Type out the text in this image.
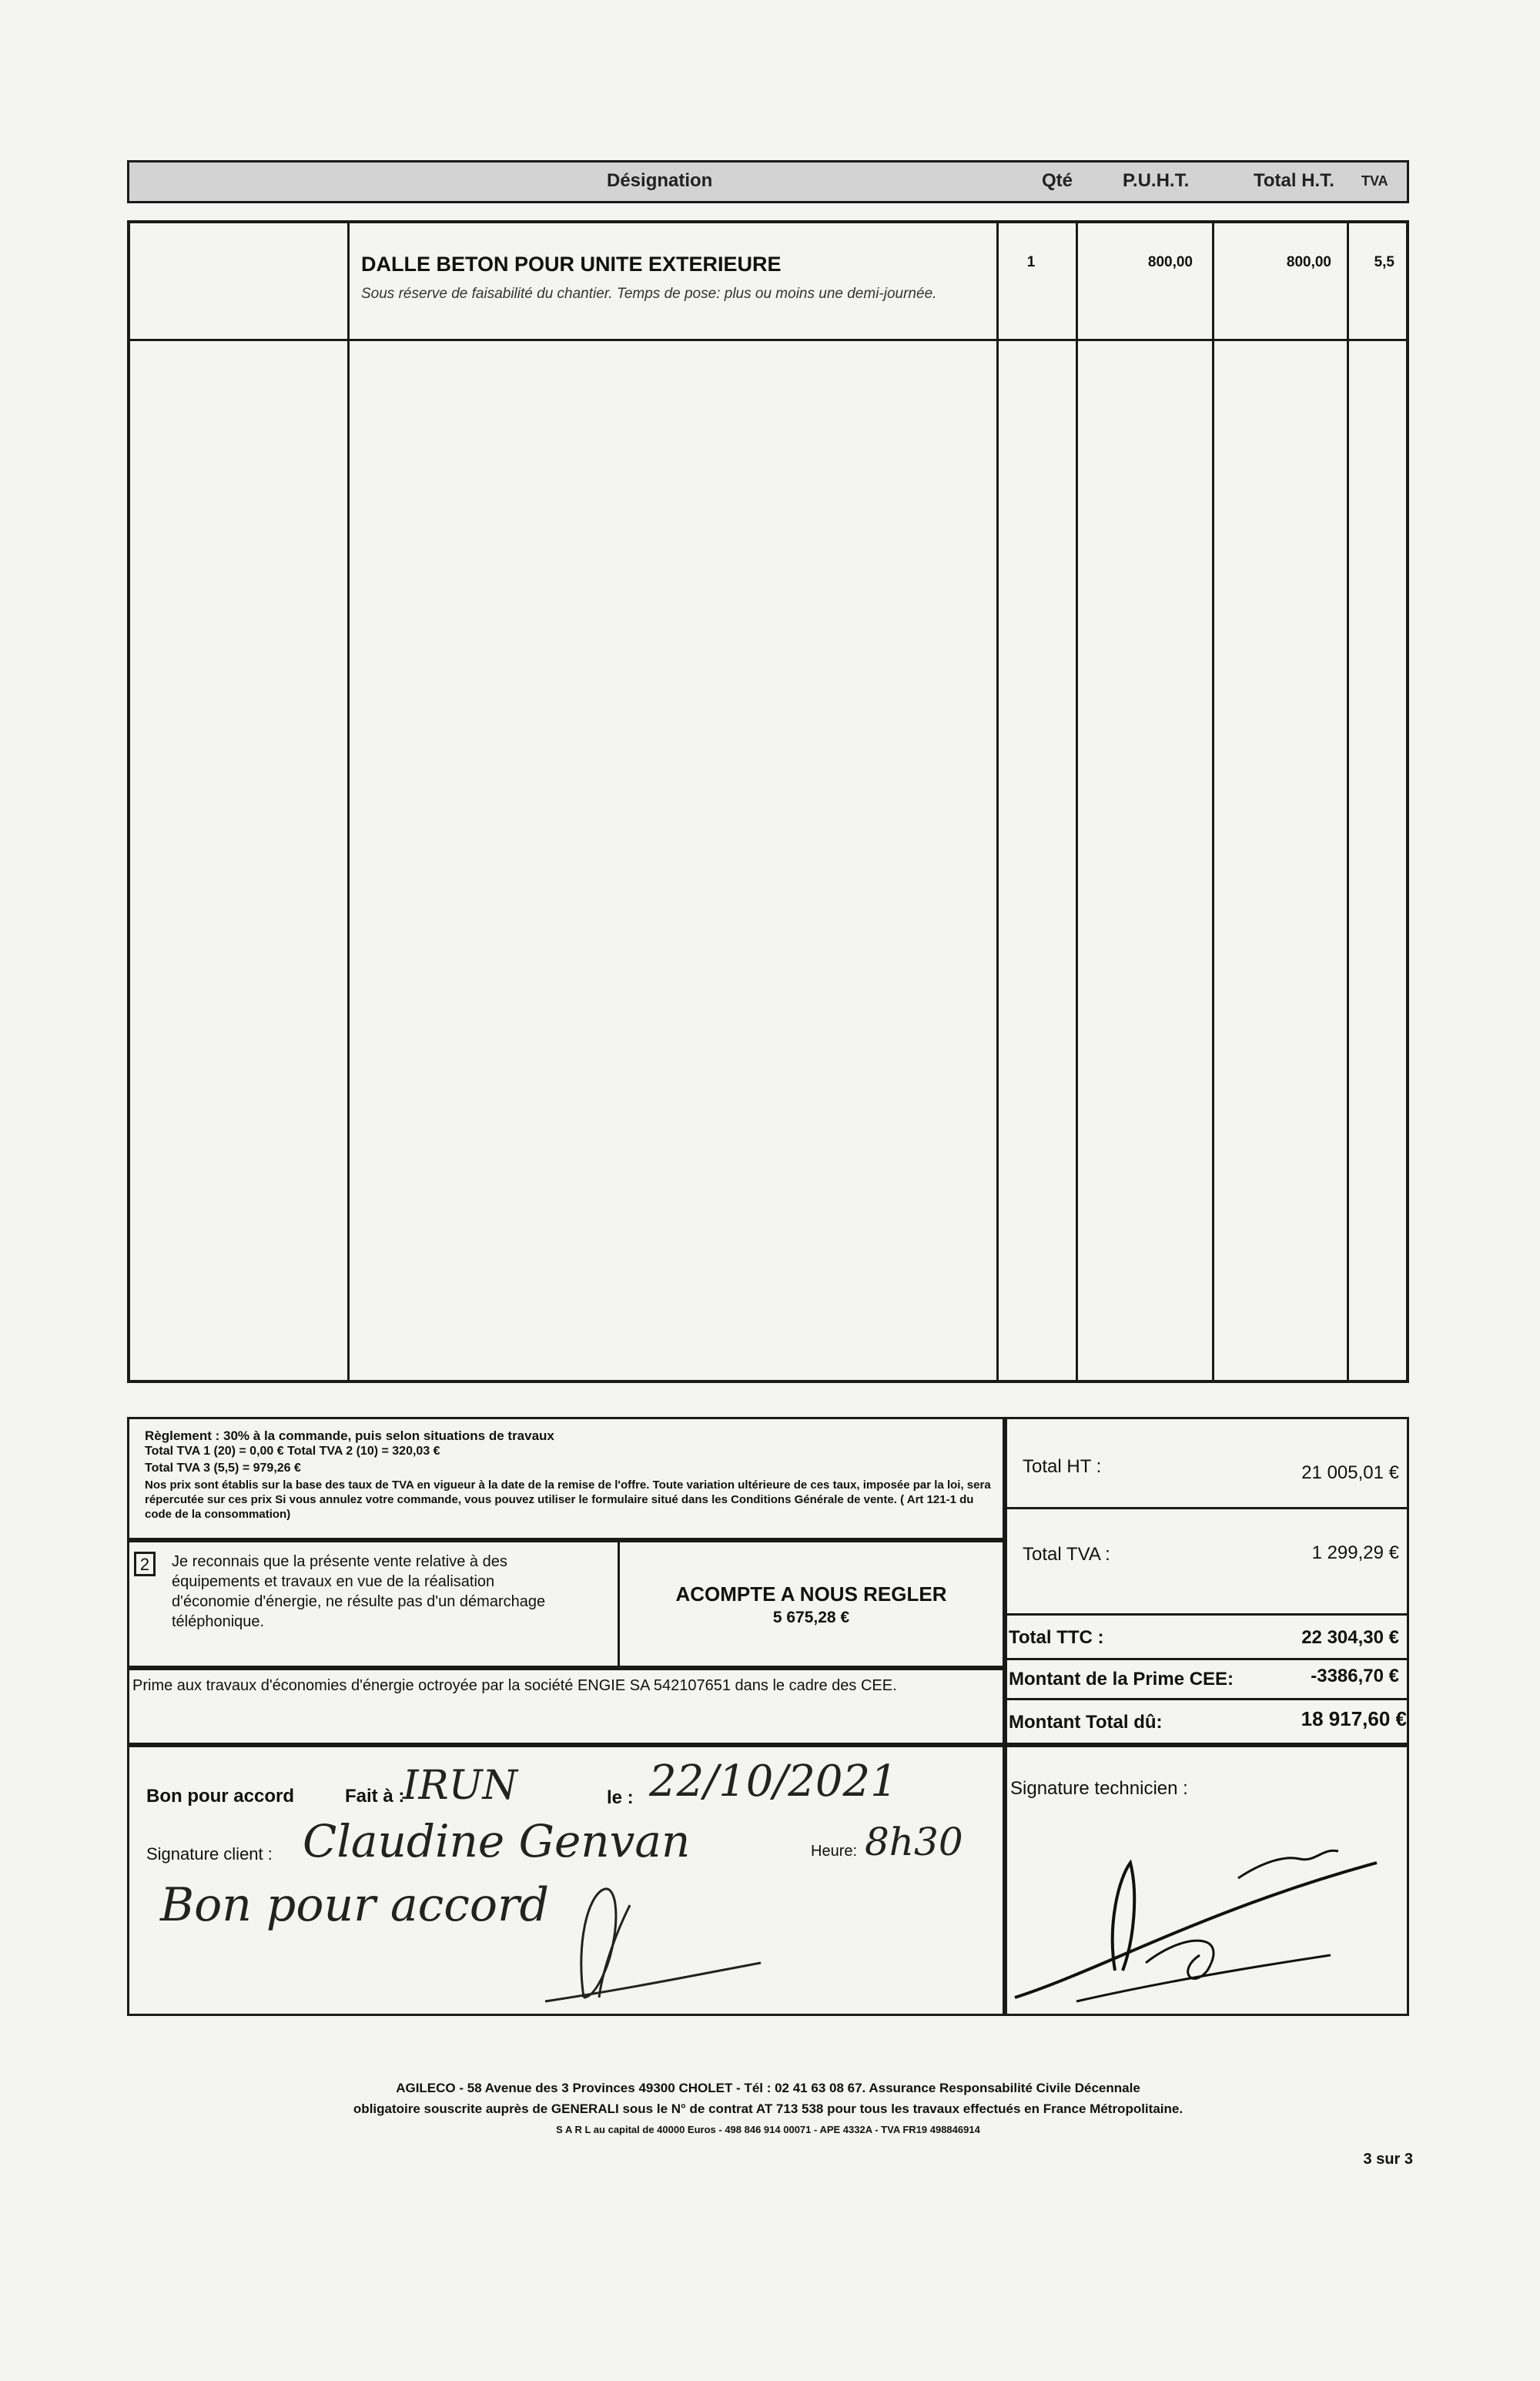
Désignation	Qté	P.U.H.T.	Total H.T. TVA
DALLE BETON POUR UNITE EXTERIEURE
Sous réserve de faisabilité du chantier. Temps de pose: plus ou moins une demi-journée.
1	800,00	800,00	5,5
Règlement : 30% à la commande, puis selon situations de travaux
Total TVA 1 (20) = 0,00 € Total TVA 2 (10) = 320,03 €
Total TVA 3 (5,5) = 979,26 €
Nos prix sont établis sur la base des taux de TVA en vigueur à la date de la remise de l'offre. Toute variation ultérieure de ces taux, imposée par la loi, sera répercutée sur ces prix Si vous annulez votre commande, vous pouvez utiliser le formulaire situé dans les Conditions Générale de vente. ( Art 121-1 du code de la consommation)
2	Je reconnais que la présente vente relative à des équipements et travaux en vue de la réalisation d'économie d'énergie, ne résulte pas d'un démarchage téléphonique.
ACOMPTE A NOUS REGLER
5 675,28 €
Prime aux travaux d'économies d'énergie octroyée par la société ENGIE SA 542107651 dans le cadre des CEE.
Total HT :	21 005,01 €
Total TVA :	1 299,29 €
Total TTC :	22 304,30 €
Montant de la Prime CEE:	-3386,70 €
Montant Total dû:	18 917,60 €
Bon pour accord	Fait à :
IRUN	le : 22/10/2021
Signature client : Claudine Genvan	Heure: 8h30
Bon pour accord
Signature technicien :
AGILECO - 58 Avenue des 3 Provinces 49300 CHOLET - Tél : 02 41 63 08 67. Assurance Responsabilité Civile Décennale
obligatoire souscrite auprès de GENERALI sous le N° de contrat AT 713 538 pour tous les travaux effectués en France Métropolitaine.
S A R L au capital de 40000 Euros - 498 846 914 00071 - APE 4332A - TVA FR19 498846914
3 sur 3
